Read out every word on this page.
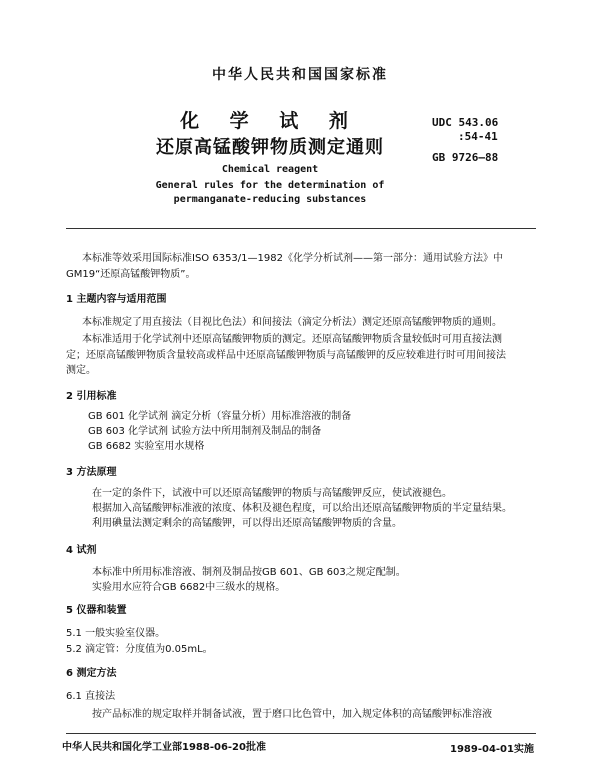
中华人民共和国国家标准
化 学 试 剂
还原高锰酸钾物质测定通则
UDC 543.06
:54-41
GB 9726—88
Chemical reagent
General rules for the determination of
permanganate-reducing substances
本标准等效采用国际标准ISO 6353/1—1982《化学分析试剂——第一部分：通用试验方法》中
GM19“还原高锰酸钾物质”。
1 主题内容与适用范围
本标准规定了用直接法（目视比色法）和间接法（滴定分析法）测定还原高锰酸钾物质的通则。
本标准适用于化学试剂中还原高锰酸钾物质的测定。还原高锰酸钾物质含量较低时可用直接法测
定；还原高锰酸钾物质含量较高或样品中还原高锰酸钾物质与高锰酸钾的反应较难进行时可用间接法
测定。
2 引用标准
GB 601 化学试剂 滴定分析（容量分析）用标准溶液的制备
GB 603 化学试剂 试验方法中所用制剂及制品的制备
GB 6682 实验室用水规格
3 方法原理
在一定的条件下，试液中可以还原高锰酸钾的物质与高锰酸钾反应，使试液褪色。
根据加入高锰酸钾标准液的浓度、体积及褪色程度，可以给出还原高锰酸钾物质的半定量结果。
利用碘量法测定剩余的高锰酸钾，可以得出还原高锰酸钾物质的含量。
4 试剂
本标准中所用标准溶液、制剂及制品按GB 601、GB 603之规定配制。
实验用水应符合GB 6682中三级水的规格。
5 仪器和装置
5.1 一般实验室仪器。
5.2 滴定管：分度值为0.05mL。
6 测定方法
6.1 直接法
按产品标准的规定取样并制备试液，置于磨口比色管中，加入规定体积的高锰酸钾标准溶液
中华人民共和国化学工业部1988-06-20批准	1989-04-01实施
